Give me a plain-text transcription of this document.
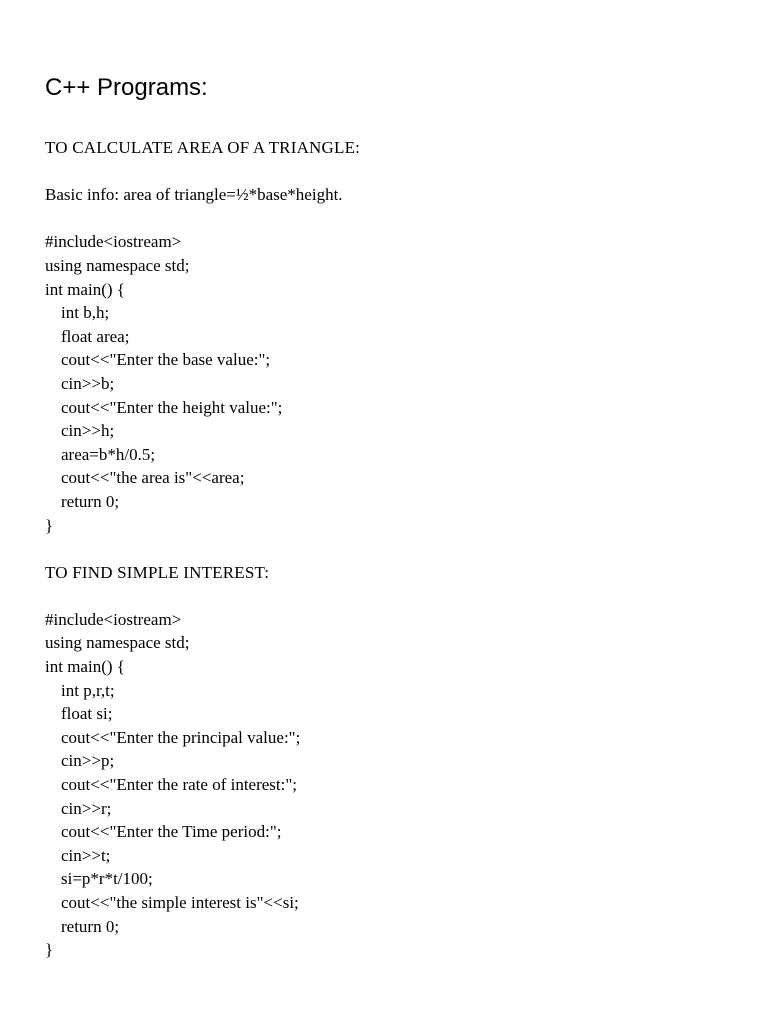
C++ Programs:

TO CALCULATE AREA OF A TRIANGLE:

Basic info: area of triangle=½*base*height.

#include<iostream>

using namespace std;

int main() {

int b,h;

float area;

cout<<"Enter the base value:";

cin>>b;

cout<<"Enter the height value:";

cin>>h;

area=b*h/0.5;

cout<<"the area is"<<area;

return 0;

}

TO FIND SIMPLE INTEREST:

#include<iostream>

using namespace std;

int main() {

int p,r,t;

float si;

cout<<"Enter the principal value:";

cin>>p;

cout<<"Enter the rate of interest:";

cin>>r;

cout<<"Enter the Time period:";

cin>>t;

si=p*r*t/100;

cout<<"the simple interest is"<<si;

return 0;

}
